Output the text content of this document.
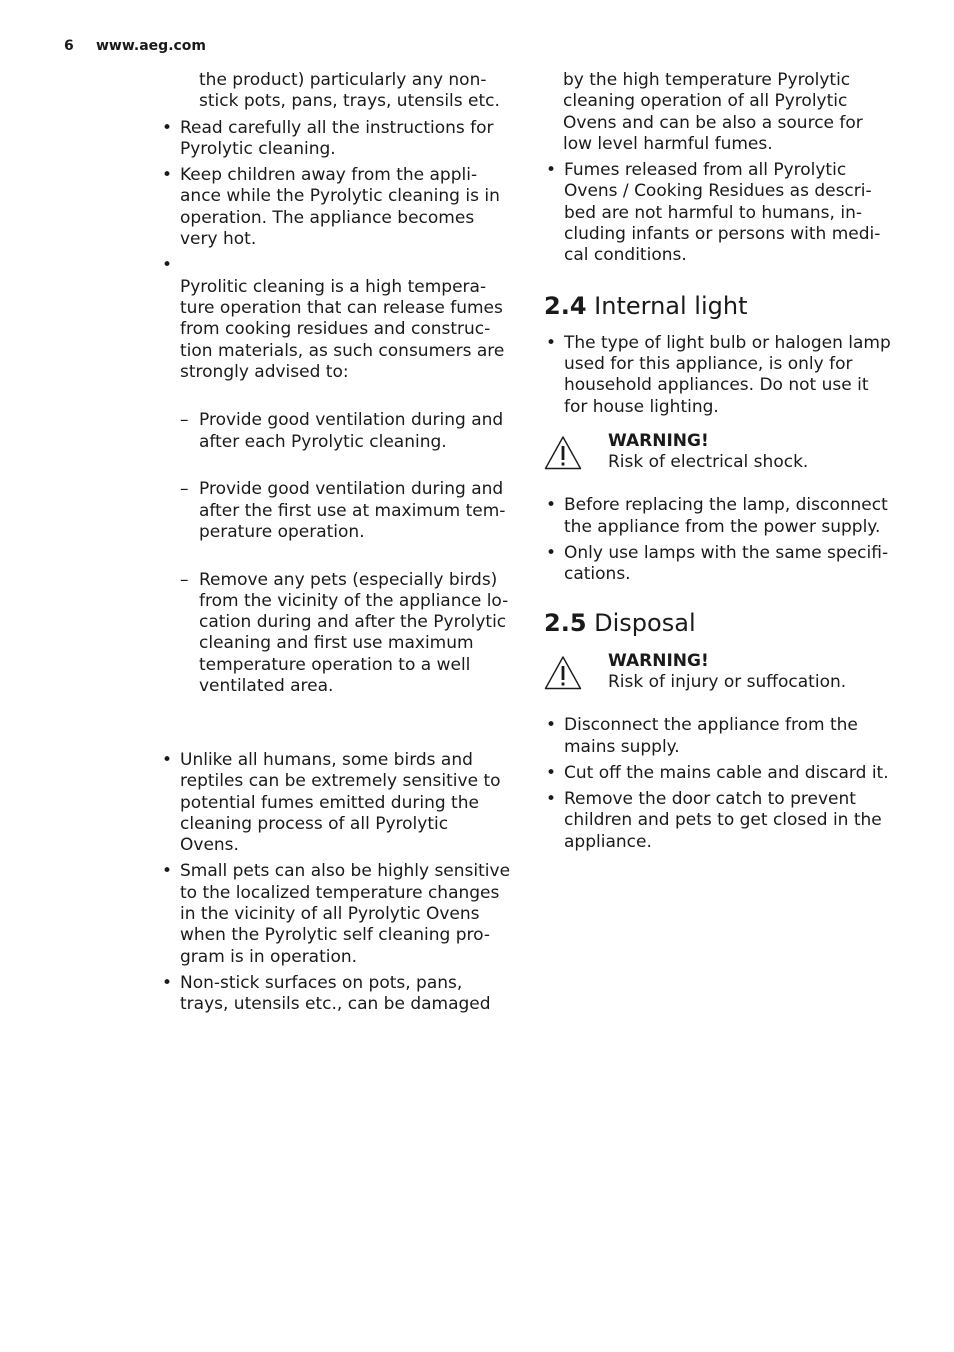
6 www.aeg.com
the product) particularly any non-
stick pots, pans, trays, utensils etc.
• Read carefully all the instructions for
Pyrolytic cleaning.
• Keep children away from the appli-
ance while the Pyrolytic cleaning is in
operation. The appliance becomes
very hot.

• Pyrolitic cleaning is a high tempera-
ture operation that can release fumes
from cooking residues and construc-
tion materials, as such consumers are
strongly advised to:

– Provide good ventilation during and
after each Pyrolytic cleaning.

– Provide good ventilation during and
after the first use at maximum tem-
perature operation.

– Remove any pets (especially birds)
from the vicinity of the appliance lo-
cation during and after the Pyrolytic
cleaning and first use maximum
temperature operation to a well
ventilated area.

• Unlike all humans, some birds and
reptiles can be extremely sensitive to
potential fumes emitted during the
cleaning process of all Pyrolytic
Ovens.
• Small pets can also be highly sensitive
to the localized temperature changes
in the vicinity of all Pyrolytic Ovens
when the Pyrolytic self cleaning pro-
gram is in operation.
• Non-stick surfaces on pots, pans,
trays, utensils etc., can be damaged
by the high temperature Pyrolytic
cleaning operation of all Pyrolytic
Ovens and can be also a source for
low level harmful fumes.
• Fumes released from all Pyrolytic
Ovens / Cooking Residues as descri-
bed are not harmful to humans, in-
cluding infants or persons with medi-
cal conditions.
2.4 Internal light
• The type of light bulb or halogen lamp
used for this appliance, is only for
household appliances. Do not use it
for house lighting.
WARNING!
Risk of electrical shock.
• Before replacing the lamp, disconnect
the appliance from the power supply.
• Only use lamps with the same specifi-
cations.
2.5 Disposal
WARNING!
Risk of injury or suffocation.
• Disconnect the appliance from the
mains supply.
• Cut off the mains cable and discard it.
• Remove the door catch to prevent
children and pets to get closed in the
appliance.
